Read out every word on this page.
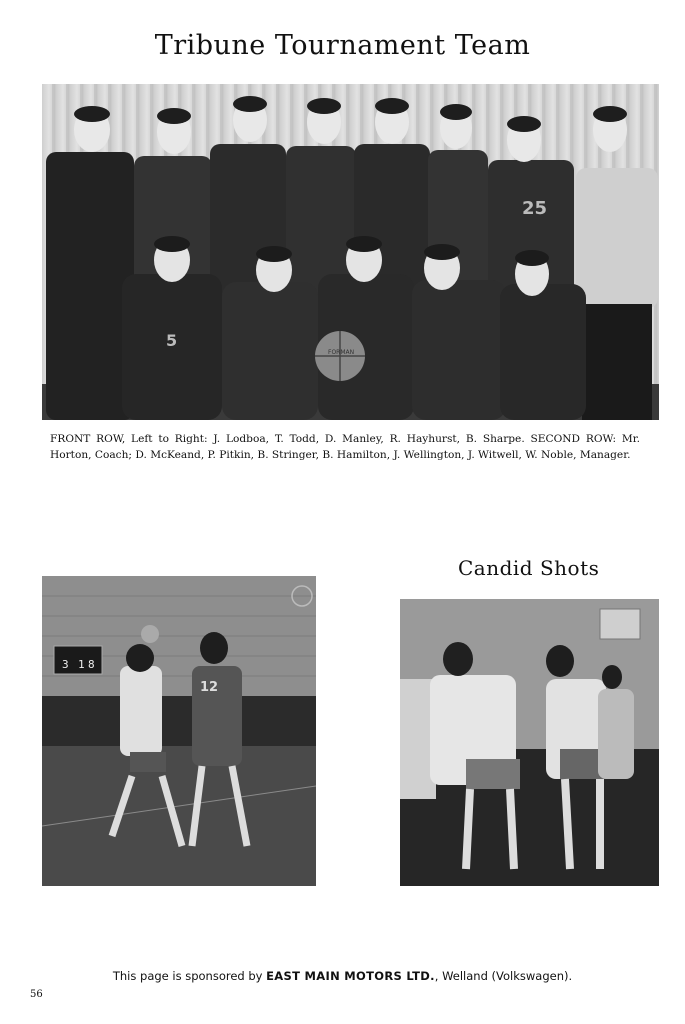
Tribune Tournament Team
25
5
FORMAN
FRONT ROW, Left to Right: J. Lodboa, T. Todd, D. Manley, R. Hayhurst, B. Sharpe. SECOND ROW: Mr. Horton, Coach; D. McKeand, P. Pitkin, B. Stringer, B. Hamilton, J. Wellington, J. Witwell, W. Noble, Manager.
Candid Shots
3 1 8
12
This page is sponsored by EAST MAIN MOTORS LTD., Welland (Volkswagen).
56
